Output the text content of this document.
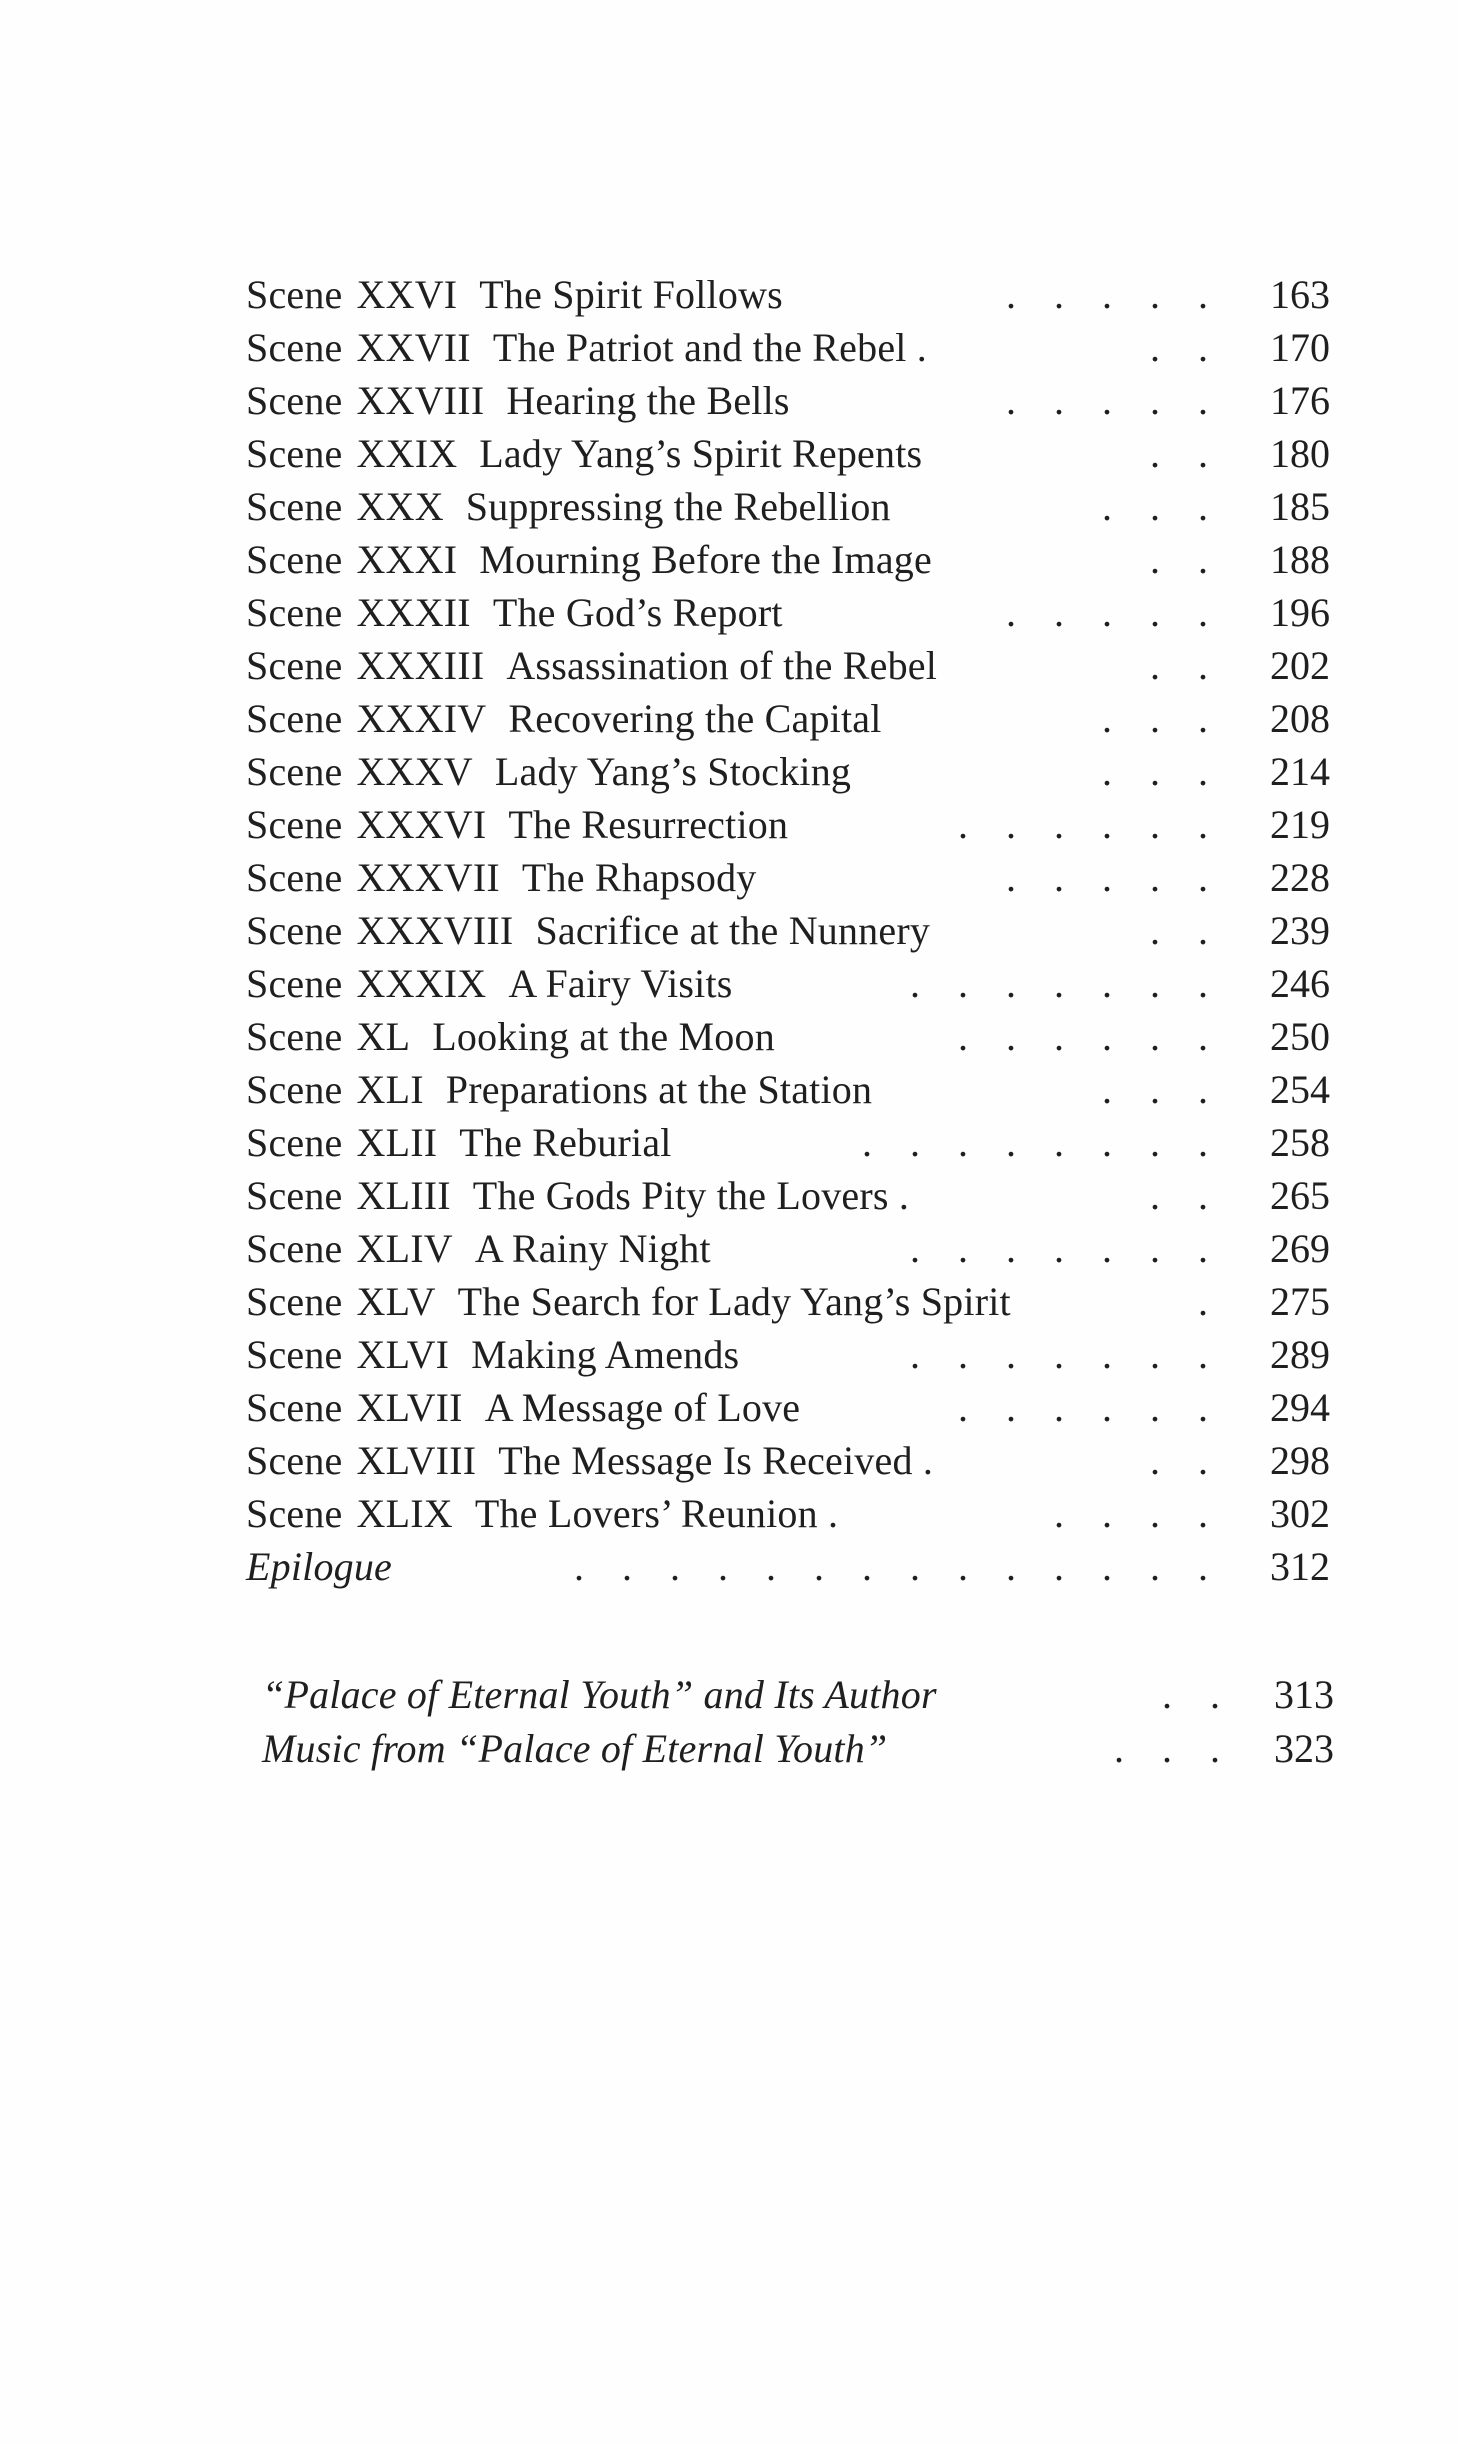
. . . . .
Scene XXVI The Spirit Follows	163
. .
Scene XXVII The Patriot and the Rebel .	170
. . . . .
Scene XXVIII Hearing the Bells	176
. .
Scene XXIX Lady Yang’s Spirit Repents	180
. . .
Scene XXX Suppressing the Rebellion	185
. .
Scene XXXI Mourning Before the Image	188
. . . . .
Scene XXXII The God’s Report	196
. .
Scene XXXIII Assassination of the Rebel	202
. . .
Scene XXXIV Recovering the Capital	208
. . .
Scene XXXV Lady Yang’s Stocking	214
. . . . . .
Scene XXXVI The Resurrection	219
. . . . .
Scene XXXVII The Rhapsody	228
. .
Scene XXXVIII Sacrifice at the Nunnery	239
. . . . . . .
Scene XXXIX A Fairy Visits	246
. . . . . .
Scene XL Looking at the Moon	250
. . .
Scene XLI Preparations at the Station	254
. . . . . . . .
Scene XLII The Reburial	258
. .
Scene XLIII The Gods Pity the Lovers .	265
. . . . . . .
Scene XLIV A Rainy Night	269
.
Scene XLV The Search for Lady Yang’s Spirit	275
. . . . . . .
Scene XLVI Making Amends	289
. . . . . .
Scene XLVII A Message of Love	294
. .
Scene XLVIII The Message Is Received .	298
. . . .
Scene XLIX The Lovers’ Reunion .	302
. . . . . . . . . . . . . .
Epilogue	312
. .
“Palace of Eternal Youth” and Its Author	313
. . .
Music from “Palace of Eternal Youth”	323
